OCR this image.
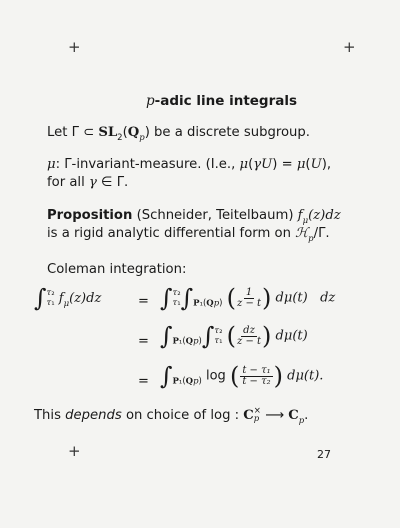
+	+
+
p-adic line integrals
Let Γ ⊂ $SL_2(Q_p)$ be a discrete subgroup.
μ: Γ-invariant-measure. (I.e., μ(γU) = μ(U),
for all γ ∈ Γ.
Proposition (Schneider, Teitelbaum) $f_\mu(z)dz$
is a rigid analytic differential form on ℋ$_p$/Γ.
Coleman integration:
∫τ₂
τ₁ $f_\mu(z)dz$	= ∫τ₂
$\tau_1\int_{P_1(Qp)}$ ( $\frac{1}{z - t}$ ) dμ(t)   dz
= $\int_{P_1(Qp)}\int\tau_2$
τ₁ ( $\frac{dz}{z - t}$ ) dμ(t)
= $\int_{P_1(Qp)}$ log ( $\frac{\text{t − τ₁}}{\text{t − τ₂}}$ ) dμ(t).
This depends on choice of log : C×
p ⟶ $C_p$.
27
